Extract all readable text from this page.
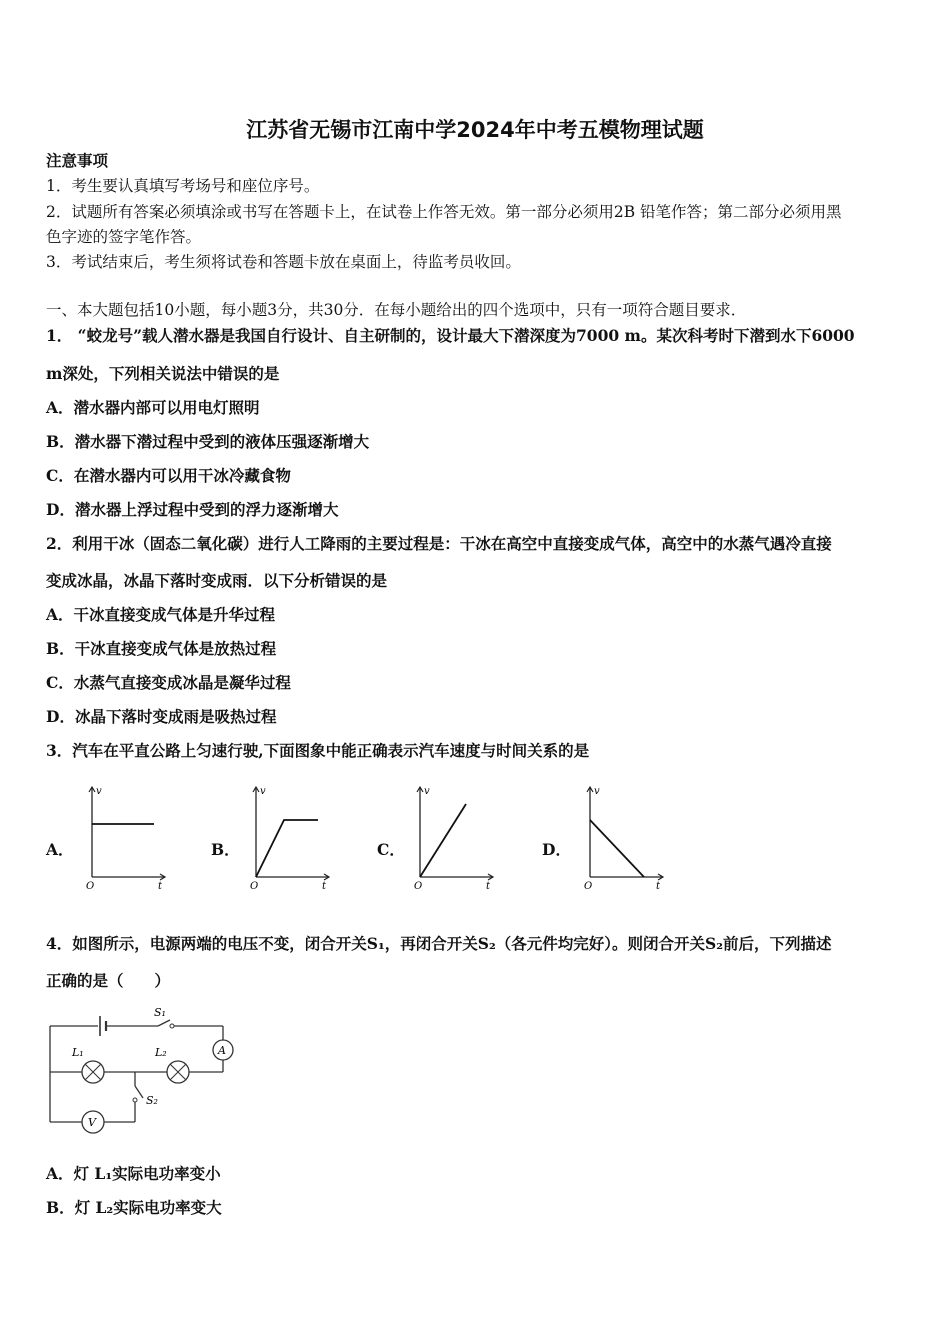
江苏省无锡市江南中学2024年中考五模物理试题
注意事项
1．考生要认真填写考场号和座位序号。
2．试题所有答案必须填涂或书写在答题卡上，在试卷上作答无效。第一部分必须用2B 铅笔作答；第二部分必须用黑
色字迹的签字笔作答。
3．考试结束后，考生须将试卷和答题卡放在桌面上，待监考员收回。
一、本大题包括10小题，每小题3分，共30分．在每小题给出的四个选项中，只有一项符合题目要求．
1． “蛟龙号”载人潜水器是我国自行设计、自主研制的，设计最大下潜深度为7000 m。某次科考时下潜到水下6000
m深处，下列相关说法中错误的是
A．潜水器内部可以用电灯照明
B．潜水器下潜过程中受到的液体压强逐渐增大
C．在潜水器内可以用干冰冷藏食物
D．潜水器上浮过程中受到的浮力逐渐增大
2．利用干冰（固态二氧化碳）进行人工降雨的主要过程是：干冰在高空中直接变成气体，高空中的水蒸气遇冷直接
变成冰晶，冰晶下落时变成雨．以下分析错误的是
A．干冰直接变成气体是升华过程
B．干冰直接变成气体是放热过程
C．水蒸气直接变成冰晶是凝华过程
D．冰晶下落时变成雨是吸热过程
3．汽车在平直公路上匀速行驶,下面图象中能正确表示汽车速度与时间关系的是
A．
v
t
O
B．
v
t
O
C．
v
t
O
D．
v
t
O
4．如图所示，电源两端的电压不变，闭合开关S₁，再闭合开关S₂（各元件均完好）。则闭合开关S₂前后，下列描述
正确的是（　　）
S₁
A
L₁	L₂
S₂
V
A．灯 L₁实际电功率变小
B．灯 L₂实际电功率变大
